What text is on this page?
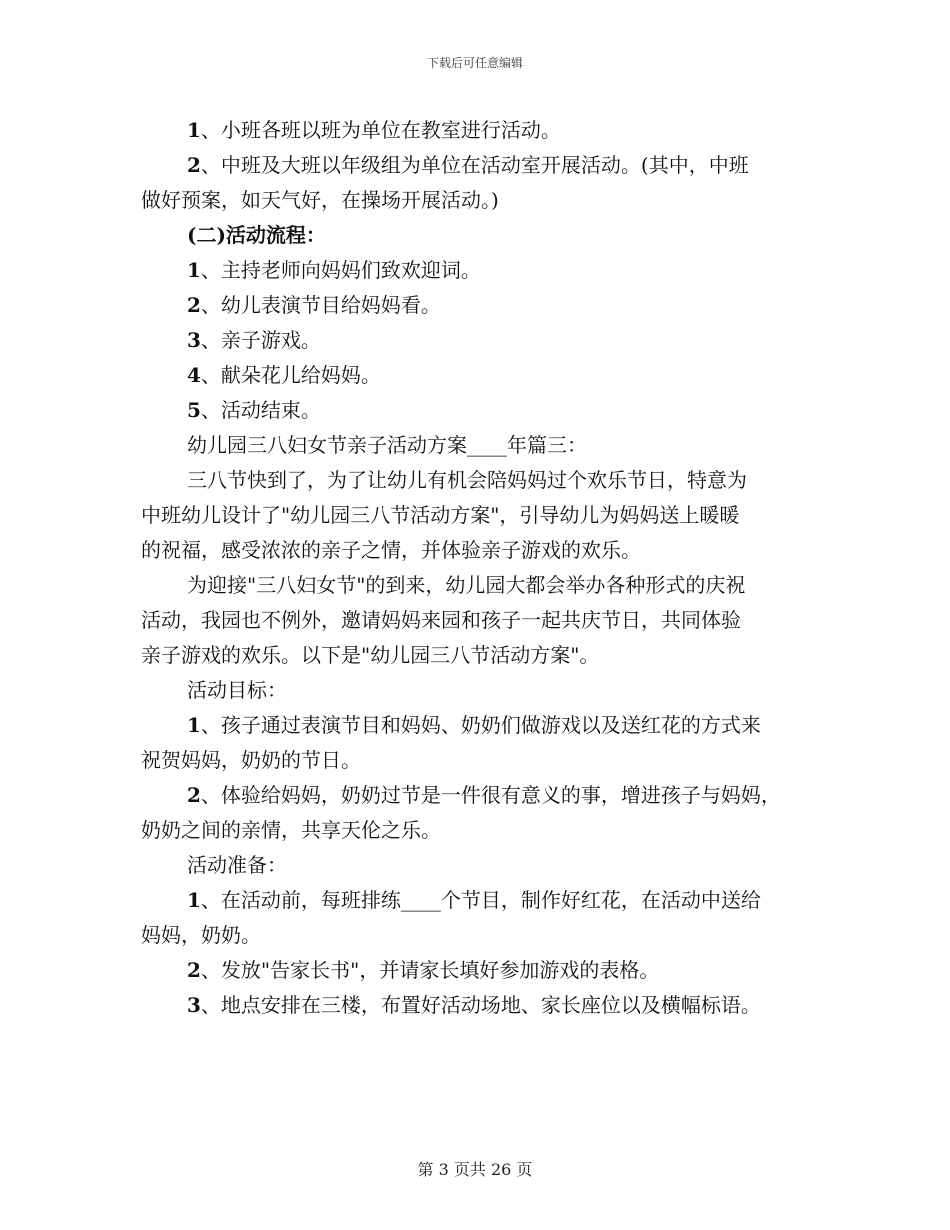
下载后可任意编辑

1、小班各班以班为单位在教室进行活动。

2、中班及大班以年级组为单位在活动室开展活动。(其中，中班

做好预案，如天气好，在操场开展活动。)

(二)活动流程：

1、主持老师向妈妈们致欢迎词。

2、幼儿表演节目给妈妈看。

3、亲子游戏。

4、献朵花儿给妈妈。

5、活动结束。

幼儿园三八妇女节亲子活动方案____年篇三：

三八节快到了，为了让幼儿有机会陪妈妈过个欢乐节日，特意为

中班幼儿设计了"幼儿园三八节活动方案"，引导幼儿为妈妈送上暖暖

的祝福，感受浓浓的亲子之情，并体验亲子游戏的欢乐。

为迎接"三八妇女节"的到来，幼儿园大都会举办各种形式的庆祝

活动，我园也不例外，邀请妈妈来园和孩子一起共庆节日，共同体验

亲子游戏的欢乐。以下是"幼儿园三八节活动方案"。

活动目标：

1、孩子通过表演节目和妈妈、奶奶们做游戏以及送红花的方式来

祝贺妈妈，奶奶的节日。

2、体验给妈妈，奶奶过节是一件很有意义的事，增进孩子与妈妈，

奶奶之间的亲情，共享天伦之乐。

活动准备：

1、在活动前，每班排练____个节目，制作好红花，在活动中送给

妈妈，奶奶。

2、发放"告家长书"，并请家长填好参加游戏的表格。

3、地点安排在三楼，布置好活动场地、家长座位以及横幅标语。

第 3 页共 26 页
